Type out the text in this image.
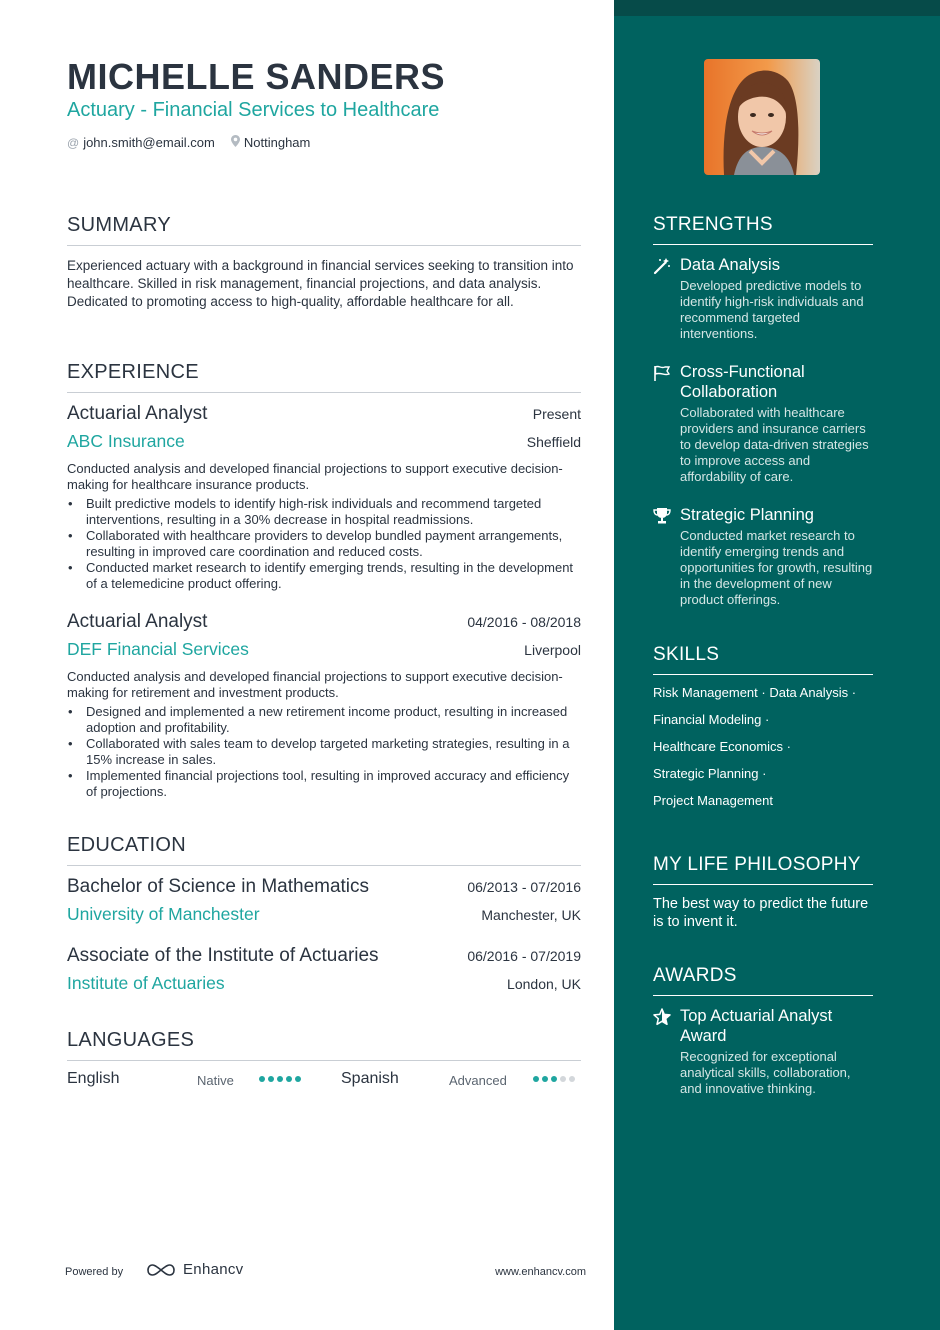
MICHELLE SANDERS
Actuary - Financial Services to Healthcare
@ john.smith@email.com Nottingham
SUMMARY
Experienced actuary with a background in financial services seeking to transition into healthcare. Skilled in risk management, financial projections, and data analysis. Dedicated to promoting access to high-quality, affordable healthcare for all.
EXPERIENCE
Actuarial Analyst	Present
ABC Insurance	Sheffield
Conducted analysis and developed financial projections to support executive decision-making for healthcare insurance products.
• Built predictive models to identify high-risk individuals and recommend targeted interventions, resulting in a 30% decrease in hospital readmissions.
• Collaborated with healthcare providers to develop bundled payment arrangements, resulting in improved care coordination and reduced costs.
• Conducted market research to identify emerging trends, resulting in the development of a telemedicine product offering.
Actuarial Analyst	04/2016 - 08/2018
DEF Financial Services	Liverpool
Conducted analysis and developed financial projections to support executive decision-making for retirement and investment products.
• Designed and implemented a new retirement income product, resulting in increased adoption and profitability.
• Collaborated with sales team to develop targeted marketing strategies, resulting in a 15% increase in sales.
• Implemented financial projections tool, resulting in improved accuracy and efficiency of projections.
EDUCATION
Bachelor of Science in Mathematics	06/2013 - 07/2016
University of Manchester	Manchester, UK
Associate of the Institute of Actuaries	06/2016 - 07/2019
Institute of Actuaries	London, UK
LANGUAGES
English	Native	Spanish	Advanced
Powered by	Enhancv	www.enhancv.com
STRENGTHS
Data Analysis
Developed predictive models to identify high-risk individuals and recommend targeted interventions.
Cross-Functional Collaboration
Collaborated with healthcare providers and insurance carriers to develop data-driven strategies to improve access and affordability of care.
Strategic Planning
Conducted market research to identify emerging trends and opportunities for growth, resulting in the development of new product offerings.
SKILLS
Risk Management · Data Analysis ·
Financial Modeling ·
Healthcare Economics ·
Strategic Planning ·
Project Management
MY LIFE PHILOSOPHY
The best way to predict the future is to invent it.
AWARDS
Top Actuarial Analyst Award
Recognized for exceptional analytical skills, collaboration, and innovative thinking.
